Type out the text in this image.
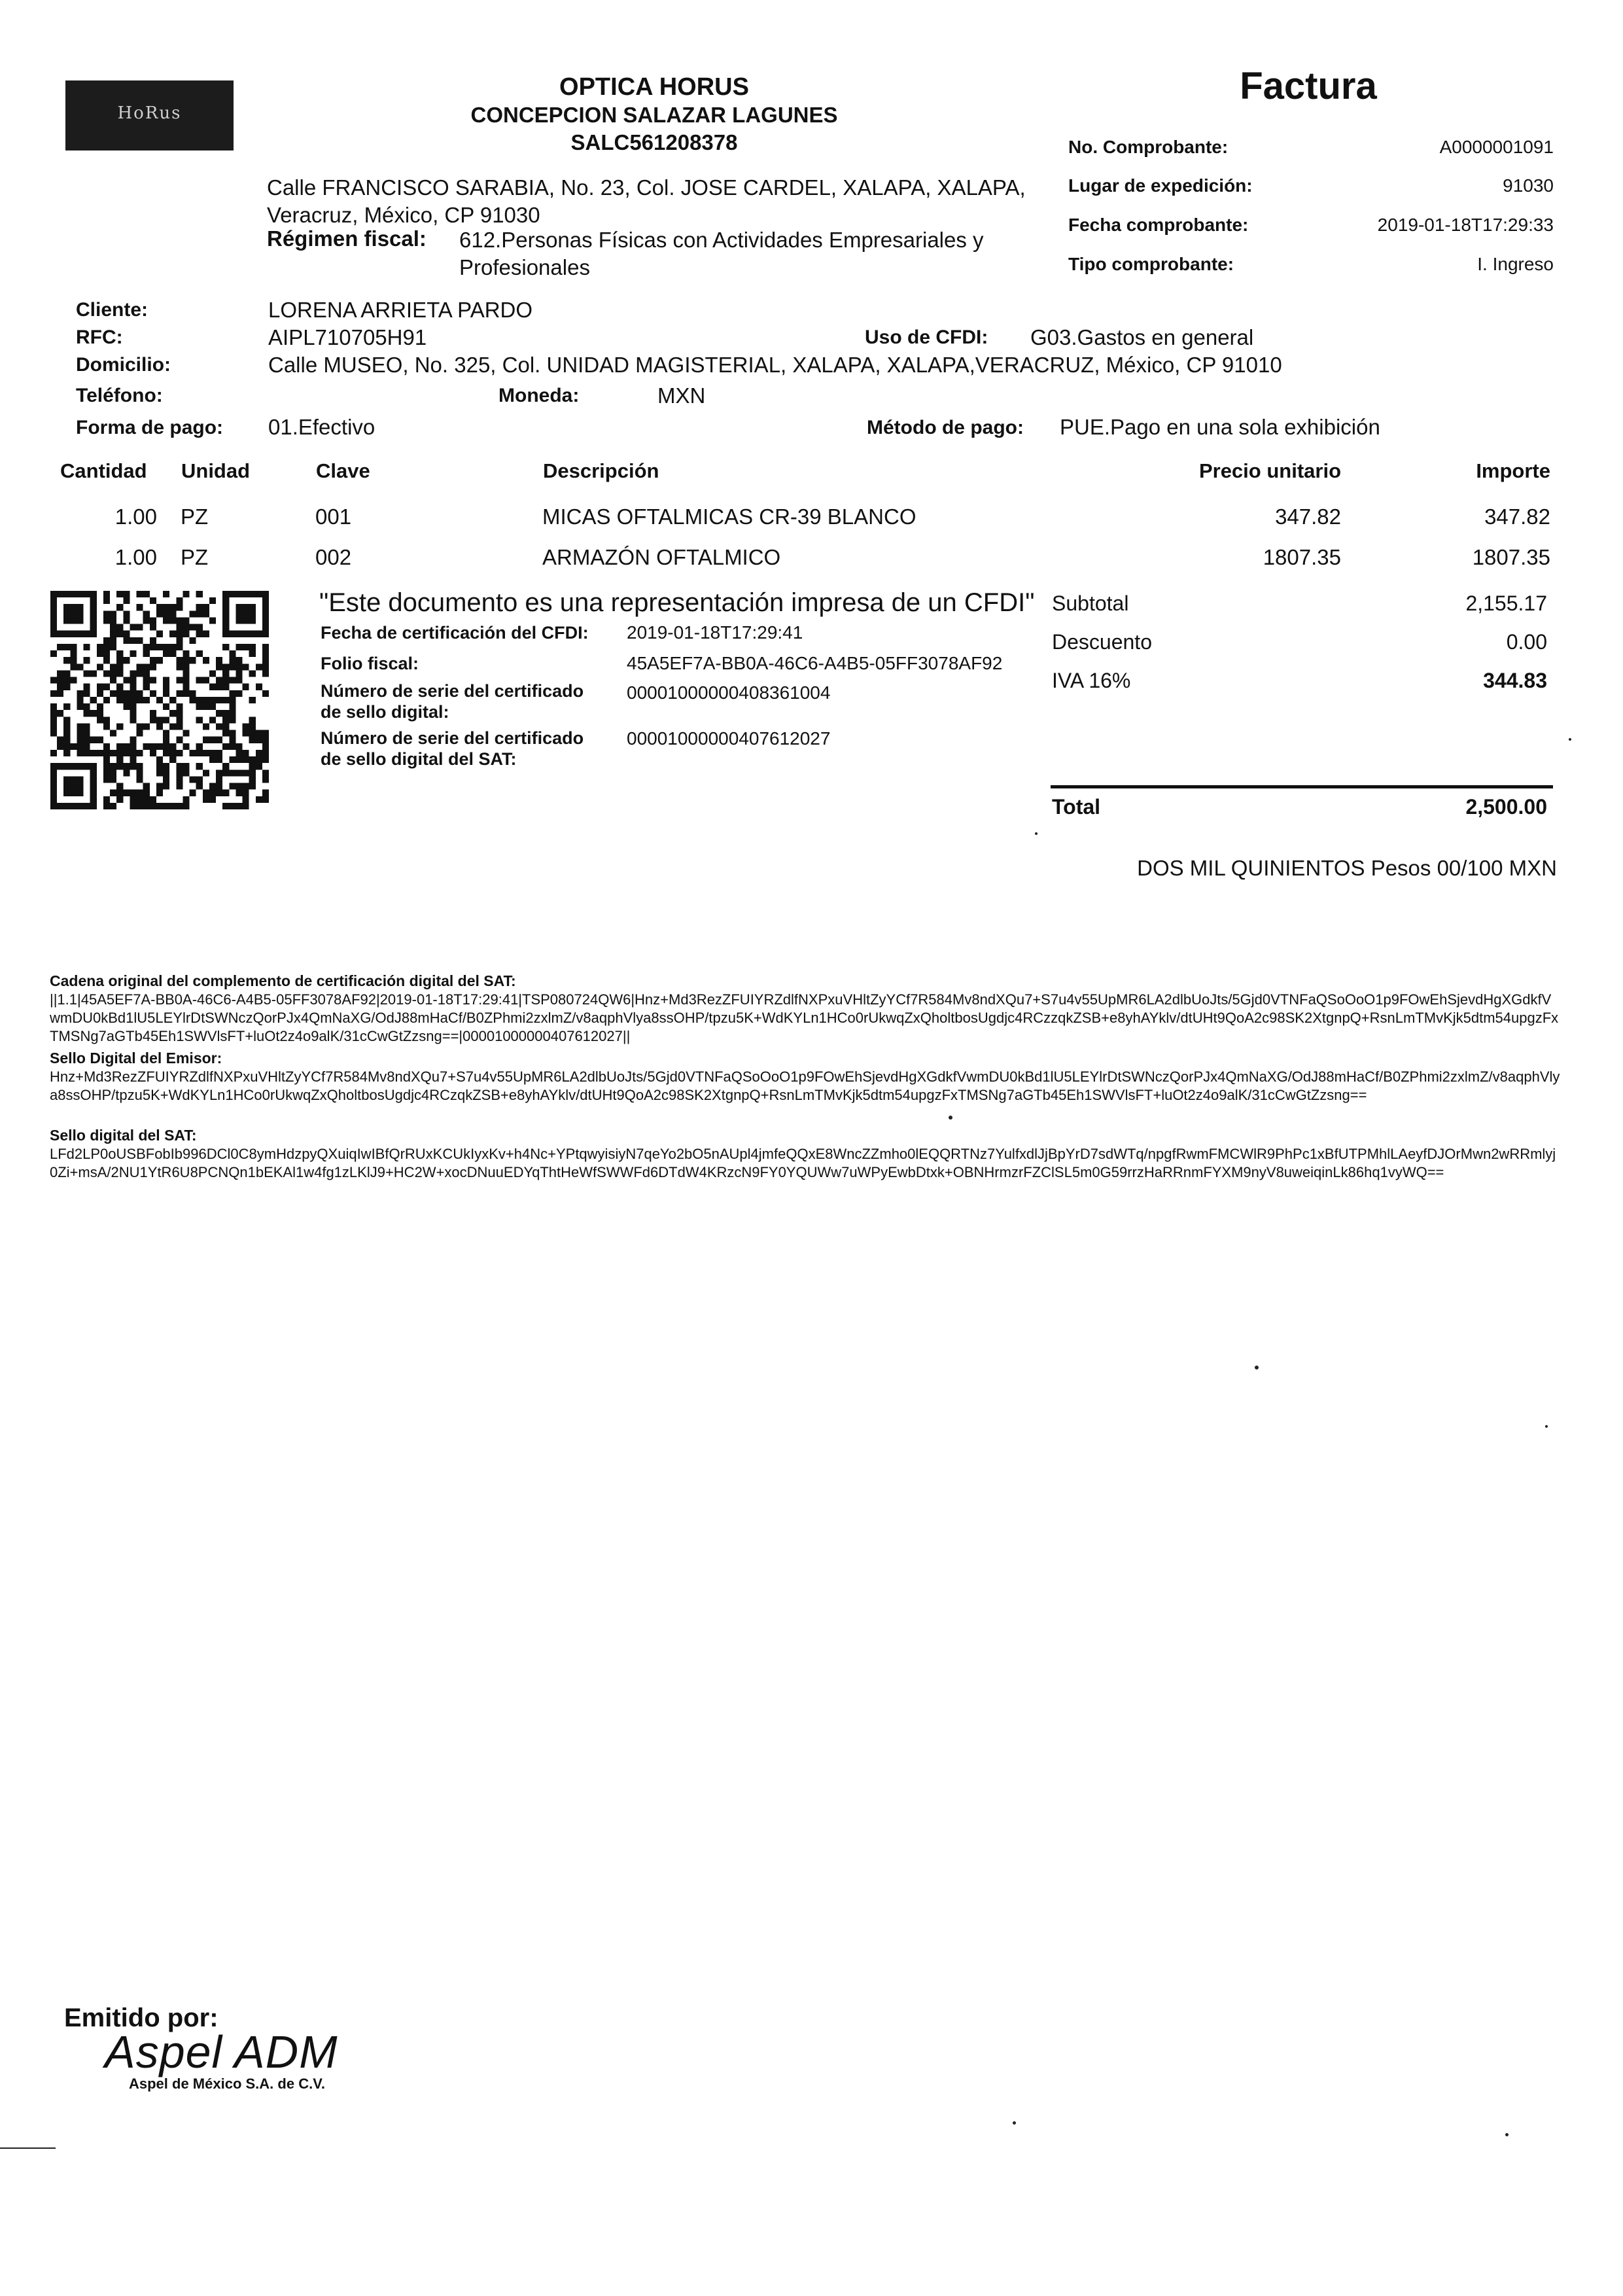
HoRus
OPTICA HORUS
CONCEPCION SALAZAR LAGUNES
SALC561208378
Factura
No. Comprobante:	A0000001091
Lugar de expedición:	91030
Fecha comprobante:	2019-01-18T17:29:33
Tipo comprobante:	I. Ingreso
Calle FRANCISCO SARABIA, No. 23, Col. JOSE CARDEL, XALAPA, XALAPA, Veracruz, México, CP 91030
Régimen fiscal: 612.Personas Físicas con Actividades Empresariales y Profesionales
Cliente:	LORENA ARRIETA PARDO
RFC:	AIPL710705H91	Uso de CFDI: G03.Gastos en general
Domicilio:	Calle MUSEO, No. 325, Col. UNIDAD MAGISTERIAL, XALAPA, XALAPA,VERACRUZ, México, CP 91010
Teléfono:	Moneda:	MXN
Forma de pago: 01.Efectivo	Método de pago: PUE.Pago en una sola exhibición
Cantidad Unidad	Clave	Descripción	Precio unitario	Importe
1.00 PZ	001	MICAS OFTALMICAS CR-39 BLANCO	347.82	347.82
1.00 PZ	002	ARMAZÓN OFTALMICO	1807.35	1807.35
"Este documento es una representación impresa de un CFDI"
Fecha de certificación del CFDI: 2019-01-18T17:29:41
Folio fiscal:	45A5EF7A-BB0A-46C6-A4B5-05FF3078AF92
Número de serie del certificado
de sello digital:
00001000000408361004
Número de serie del certificado
de sello digital del SAT:
00001000000407612027
Subtotal	2,155.17
Descuento	0.00
IVA 16%	344.83
Total	2,500.00
DOS MIL QUINIENTOS Pesos 00/100 MXN
Cadena original del complemento de certificación digital del SAT:
||1.1|45A5EF7A-BB0A-46C6-A4B5-05FF3078AF92|2019-01-18T17:29:41|TSP080724QW6|Hnz+Md3RezZFUIYRZdlfNXPxuVHltZyYCf7R584Mv8ndXQu7+S7u4v55UpMR6LA2dlbUoJts/5Gjd0VTNFaQSoOoO1p9FOwEhSjevdHgXGdkfVwmDU0kBd1lU5LEYlrDtSWNczQorPJx4QmNaXG/OdJ88mHaCf/B0ZPhmi2zxlmZ/v8aqphVlya8ssOHP/tpzu5K+WdKYLn1HCo0rUkwqZxQholtbosUgdjc4RCzzqkZSB+e8yhAYklv/dtUHt9QoA2c98SK2XtgnpQ+RsnLmTMvKjk5dtm54upgzFxTMSNg7aGTb45Eh1SWVlsFT+luOt2z4o9alK/31cCwGtZzsng==|00001000000407612027||
Sello Digital del Emisor:
Hnz+Md3RezZFUIYRZdlfNXPxuVHltZyYCf7R584Mv8ndXQu7+S7u4v55UpMR6LA2dlbUoJts/5Gjd0VTNFaQSoOoO1p9FOwEhSjevdHgXGdkfVwmDU0kBd1lU5LEYlrDtSWNczQorPJx4QmNaXG/OdJ88mHaCf/B0ZPhmi2zxlmZ/v8aqphVlya8ssOHP/tpzu5K+WdKYLn1HCo0rUkwqZxQholtbosUgdjc4RCzqkZSB+e8yhAYklv/dtUHt9QoA2c98SK2XtgnpQ+RsnLmTMvKjk5dtm54upgzFxTMSNg7aGTb45Eh1SWVlsFT+luOt2z4o9alK/31cCwGtZzsng==
Sello digital del SAT:
LFd2LP0oUSBFobIb996DCl0C8ymHdzpyQXuiqIwIBfQrRUxKCUkIyxKv+h4Nc+YPtqwyisiyN7qeYo2bO5nAUpl4jmfeQQxE8WncZZmho0lEQQRTNz7YulfxdlJjBpYrD7sdWTq/npgfRwmFMCWlR9PhPc1xBfUTPMhlLAeyfDJOrMwn2wRRmlyj0Zi+msA/2NU1YtR6U8PCNQn1bEKAl1w4fg1zLKlJ9+HC2W+xocDNuuEDYqThtHeWfSWWFd6DTdW4KRzcN9FY0YQUWw7uWPyEwbDtxk+OBNHrmzrFZClSL5m0G59rrzHaRRnmFYXM9nyV8uweiqinLk86hq1vyWQ==
Emitido por:
Aspel ADM
Aspel de México S.A. de C.V.
